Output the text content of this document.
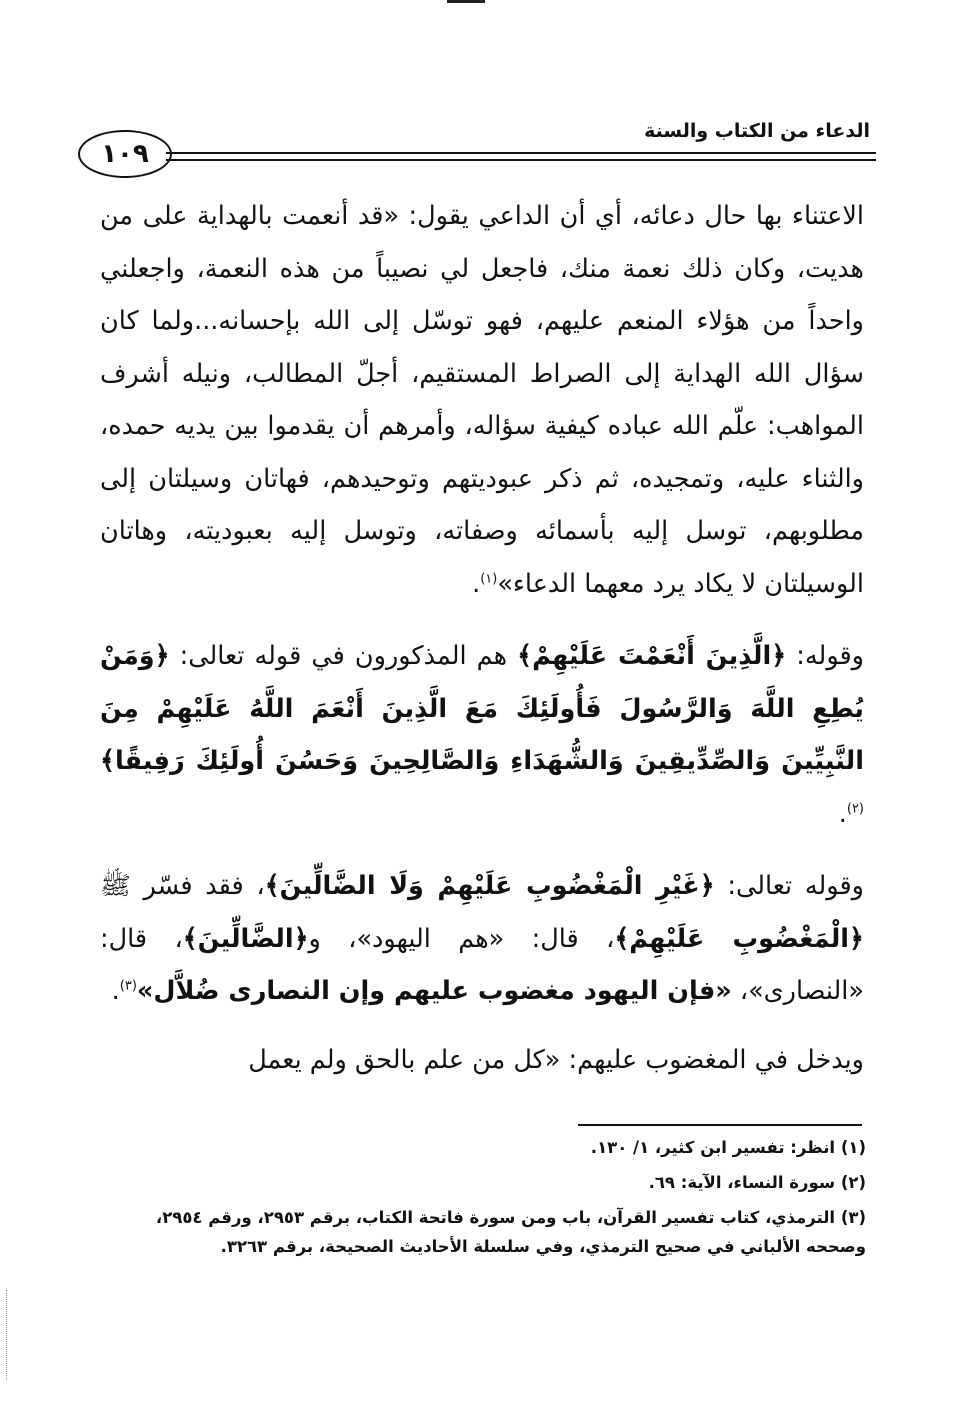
١٠٩
الدعاء من الكتاب والسنة

الاعتناء بها حال دعائه، أي أن الداعي يقول: «قد أنعمت بالهداية على من هديت، وكان ذلك نعمة منك، فاجعل لي نصيباً من هذه النعمة، واجعلني واحداً من هؤلاء المنعم عليهم، فهو توسّل إلى الله بإحسانه...ولما كان سؤال الله الهداية إلى الصراط المستقيم، أجلّ المطالب، ونيله أشرف المواهب: علّم الله عباده كيفية سؤاله، وأمرهم أن يقدموا بين يديه حمده، والثناء عليه، وتمجيده، ثم ذكر عبوديتهم وتوحيدهم، فهاتان وسيلتان إلى مطلوبهم، توسل إليه بأسمائه وصفاته، وتوسل إليه بعبوديته، وهاتان الوسيلتان لا يكاد يرد معهما الدعاء»$^{(١)}$.

وقوله: ﴿الَّذِينَ أَنْعَمْتَ عَلَيْهِمْ﴾ هم المذكورون في قوله تعالى: ﴿وَمَنْ يُطِعِ اللَّهَ وَالرَّسُولَ فَأُولَئِكَ مَعَ الَّذِينَ أَنْعَمَ اللَّهُ عَلَيْهِمْ مِنَ النَّبِيِّينَ وَالصِّدِّيقِينَ وَالشُّهَدَاءِ وَالصَّالِحِينَ وَحَسُنَ أُولَئِكَ رَفِيقًا﴾$^{(٢)}$.

وقوله تعالى: ﴿غَيْرِ الْمَغْضُوبِ عَلَيْهِمْ وَلَا الضَّالِّينَ﴾، فقد فسّر ﷺ ﴿الْمَغْضُوبِ عَلَيْهِمْ﴾، قال: «هم اليهود»، و﴿الضَّالِّينَ﴾، قال: «النصارى»، «فإن اليهود مغضوب عليهم وإن النصارى ضُلاَّل»$^{(٣)}$.

ويدخل في المغضوب عليهم: «كل من علم بالحق ولم يعمل

(١) انظر: تفسير ابن كثير، ١/ ١٣٠.

(٢) سورة النساء، الآية: ٦٩.

(٣) الترمذي، كتاب تفسير القرآن، باب ومن سورة فاتحة الكتاب، برقم ٢٩٥٣، ورقم ٢٩٥٤، وصححه الألباني في صحيح الترمذي، وفي سلسلة الأحاديث الصحيحة، برقم ٣٢٦٣.
